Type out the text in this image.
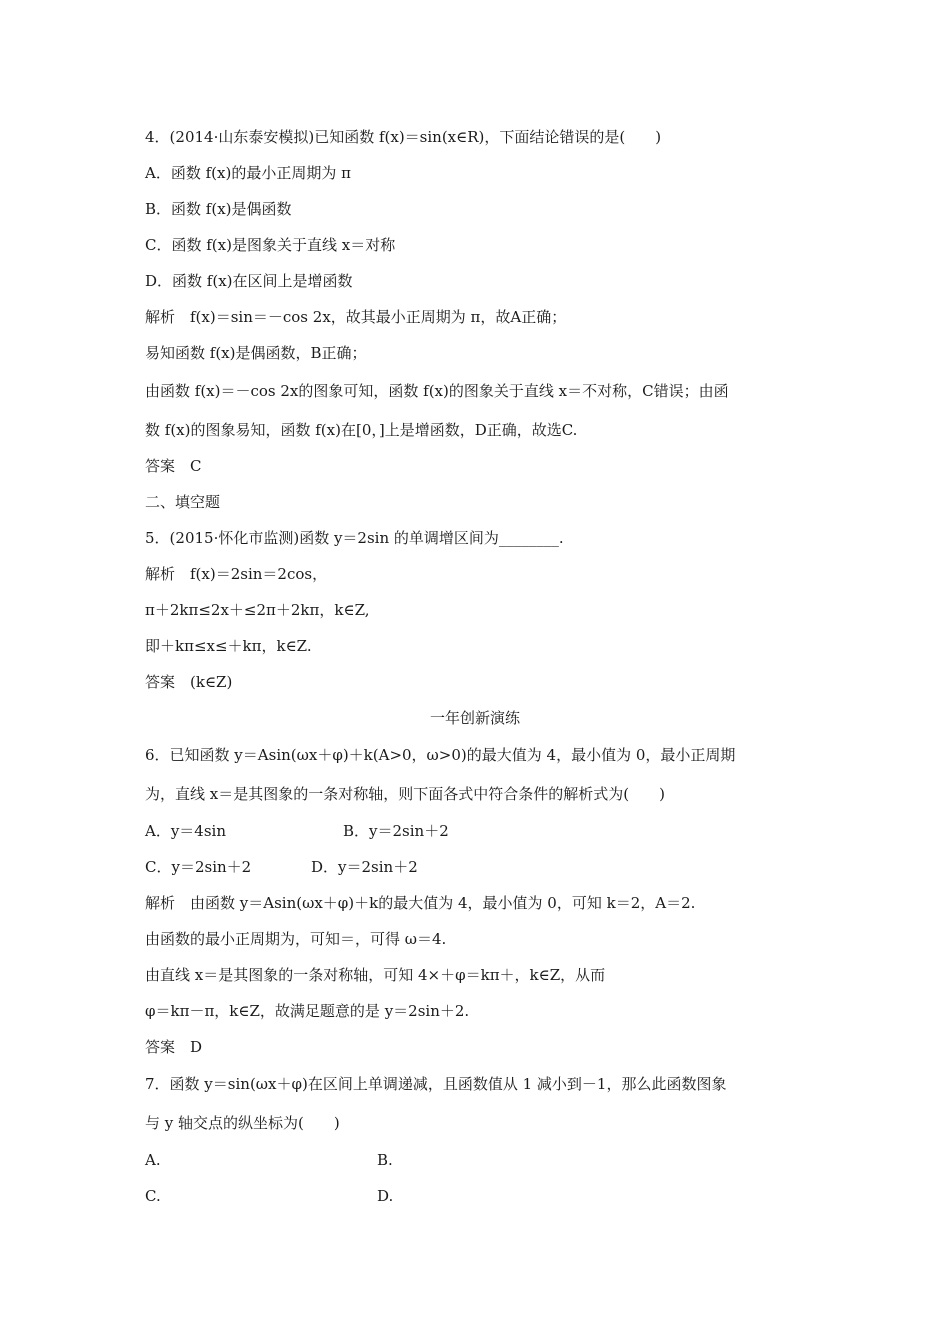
4．(2014·山东泰安模拟)已知函数 f(x)＝sin(x∈R)，下面结论错误的是(　　)
A．函数 f(x)的最小正周期为 π
B．函数 f(x)是偶函数
C．函数 f(x)是图象关于直线 x＝对称
D．函数 f(x)在区间上是增函数
解析　f(x)＝sin＝－cos 2x，故其最小正周期为 π，故A正确；
易知函数 f(x)是偶函数，B正确；
由函数 f(x)＝－cos 2x的图象可知，函数 f(x)的图象关于直线 x＝不对称，C错误；由函
数 f(x)的图象易知，函数 f(x)在[0，]上是增函数，D正确，故选C.
答案　C
二、填空题
5．(2015·怀化市监测)函数 y＝2sin 的单调增区间为________.
解析　f(x)＝2sin＝2cos，
π＋2kπ≤2x＋≤2π＋2kπ，k∈Z,
即＋kπ≤x≤＋kπ，k∈Z.
答案　(k∈Z)
一年创新演练
6．已知函数 y＝Asin(ωx＋φ)＋k(A>0，ω>0)的最大值为 4，最小值为 0，最小正周期
为，直线 x＝是其图象的一条对称轴，则下面各式中符合条件的解析式为(　　)
A．y＝4sin	B．y＝2sin＋2
C．y＝2sin＋2	D．y＝2sin＋2
解析　由函数 y＝Asin(ωx＋φ)＋k的最大值为 4，最小值为 0，可知 k＝2，A＝2.
由函数的最小正周期为，可知＝，可得 ω＝4.
由直线 x＝是其图象的一条对称轴，可知 4×＋φ＝kπ＋，k∈Z，从而
φ＝kπ－π，k∈Z，故满足题意的是 y＝2sin＋2.
答案　D
7．函数 y＝sin(ωx＋φ)在区间上单调递减，且函数值从 1 减小到－1，那么此函数图象
与 y 轴交点的纵坐标为(　　)
A.	B.
C.	D.
